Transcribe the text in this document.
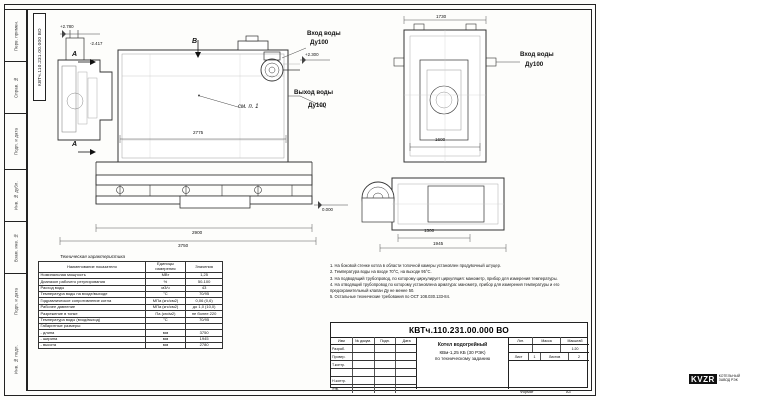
Перв. примен.
Справ. №
Подп. и дата
Инв. № дубл.
Взам. инв. №
Подп. и дата
Инв. № подл.
КВТч.110.231.00.000 ВО	Вход воды
Ду100
Выход воды
Ду100
Вход воды
Ду100
см. п. 1
A
A
B
+2.780
+2.300
0.000
-2.417
2775
2900
3750
1730
1600
1300
1945
Техническая характеристика
Наименование показателя	Единицы измерения	Значения
Номинальная мощность	МВт	1,25
Диапазон рабочего регулирования	%	50-100
Расход воды	м3/ч	43
Температура воды на входе/выходе	°С	70/95
Гидравлическое сопротивление котла	МПа (кгс/см2)	0,06 (0,6)
Рабочее давление	МПа (кгс/см2)	до 1,0 (10,0)
Разрежение в топке	Па (кгс/м2)	не более 220
Температура воды (вход/выход)	°С	70/95
Габаритные размеры:		
- длина	мм	3750
- ширина	мм	1945
- высота	мм	2780
1. На боковой стенке котла в области топочной камеры установлен продувочный штуцер.
2. Температура воды на входе 70°С, на выходе 95°С.
3. На подводящий трубопровод, по которому циркулирует циркуляция: манометр, прибор для измерения температуры.
4. На отводящий трубопровод по которому установлена арматура: манометр, прибор для измерения температуры и его предохранительный клапан Ду не менее 50.
5. Остальные технические требования по ОСТ 108.030.133-84.
КВТч.110.231.00.000 ВО
Изм	№ докум.	Подп.	Дата
Разраб.
Провер.
Т.контр.
Н.контр.
Утв.
Котел водогрейный
КВм-1,25 КБ (30 РЭК)
по техническому заданию
Лит.	Масса	Масштаб
1:20
Лист	1	Листов	2
KVZR	КОТЕЛЬНЫЙ
ЗАВОД РЭК
Формат	А3
